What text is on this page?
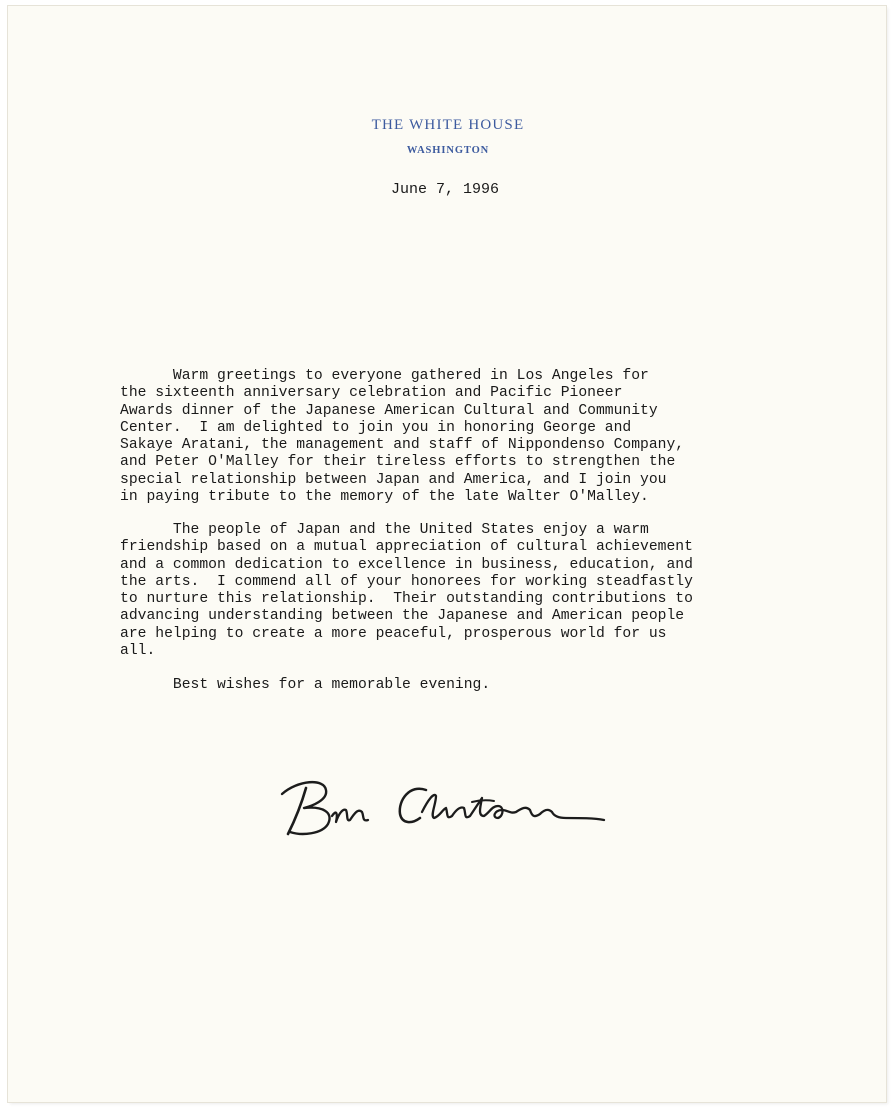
THE WHITE HOUSE
WASHINGTON
June 7, 1996
Warm greetings to everyone gathered in Los Angeles for
the sixteenth anniversary celebration and Pacific Pioneer
Awards dinner of the Japanese American Cultural and Community
Center.  I am delighted to join you in honoring George and
Sakaye Aratani, the management and staff of Nippondenso Company,
and Peter O'Malley for their tireless efforts to strengthen the
special relationship between Japan and America, and I join you
in paying tribute to the memory of the late Walter O'Malley.
The people of Japan and the United States enjoy a warm
friendship based on a mutual appreciation of cultural achievement
and a common dedication to excellence in business, education, and
the arts.  I commend all of your honorees for working steadfastly
to nurture this relationship.  Their outstanding contributions to
advancing understanding between the Japanese and American people
are helping to create a more peaceful, prosperous world for us
all.
Best wishes for a memorable evening.
